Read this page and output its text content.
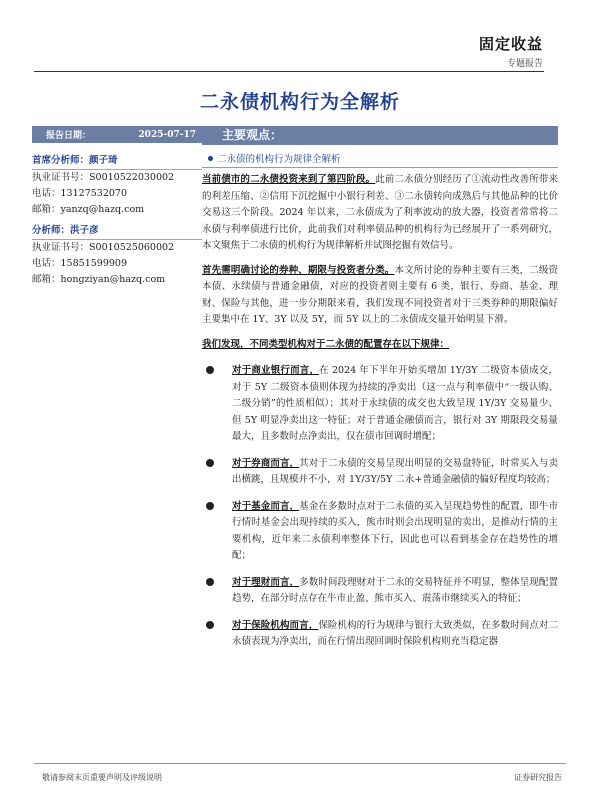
固定收益
专题报告
二永债机构行为全解析
报告日期：	2025-07-17
首席分析师：颜子琦
执业证书号：S0010522030002
电话：13127532070
邮箱：yanzq@hazq.com
分析师：洪子彦
执业证书号：S0010525060002
电话：15851599909
邮箱：hongziyan@hazq.com
主要观点：
二永债的机构行为规律全解析
当前债市的二永债投资来到了第四阶段。此前二永债分别经历了①流动性改善所带来的利差压缩、②信用下沉挖掘中小银行利差、③二永债转向成熟后与其他品种的比价交易这三个阶段。2024 年以来，二永债成为了利率波动的放大器，投资者常常将二永债与利率债进行比价，此前我们对利率债品种的机构行为已经展开了一系列研究，本文聚焦于二永债的机构行为规律解析并试图挖掘有效信号。
首先需明确讨论的券种、期限与投资者分类。本文所讨论的券种主要有三类，二级资本债、永续债与普通金融债，对应的投资者则主要有 6 类，银行、券商、基金、理财、保险与其他，进一步分期限来看，我们发现不同投资者对于三类券种的期限偏好主要集中在 1Y、3Y 以及 5Y，而 5Y 以上的二永债成交量开始明显下滑。
我们发现，不同类型机构对于二永债的配置存在以下规律：
对于商业银行而言，在 2024 年下半年开始买增加 1Y/3Y 二级资本债成交，对于 5Y 二级资本债则体现为持续的净卖出（这一点与利率债中“一级认购、二级分销”的性质相似）；其对于永续债的成交也大致呈现 1Y/3Y 交易量少、但 5Y 明显净卖出这一特征；对于普通金融债而言，银行对 3Y 期限段交易量最大，且多数时点净卖出，仅在债市回调时增配；
对于券商而言，其对于二永债的交易呈现出明显的交易盘特征，时常买入与卖出横跳，且规模并不小，对 1Y/3Y/5Y 二永+普通金融债的偏好程度均较高；
对于基金而言，基金在多数时点对于二永债的买入呈现趋势性的配置，即牛市行情时基金会出现持续的买入，熊市时则会出现明显的卖出，是推动行情的主要机构，近年来二永债利率整体下行，因此也可以看到基金存在趋势性的增配；
对于理财而言，多数时间段理财对于二永的交易特征并不明显，整体呈现配置趋势，在部分时点存在牛市止盈、熊市买入、震荡市继续买入的特征；
对于保险机构而言，保险机构的行为规律与银行大致类似，在多数时间点对二永债表现为净卖出，而在行情出现回调时保险机构则充当稳定器
敬请参阅末页重要声明及评级说明	证券研究报告
